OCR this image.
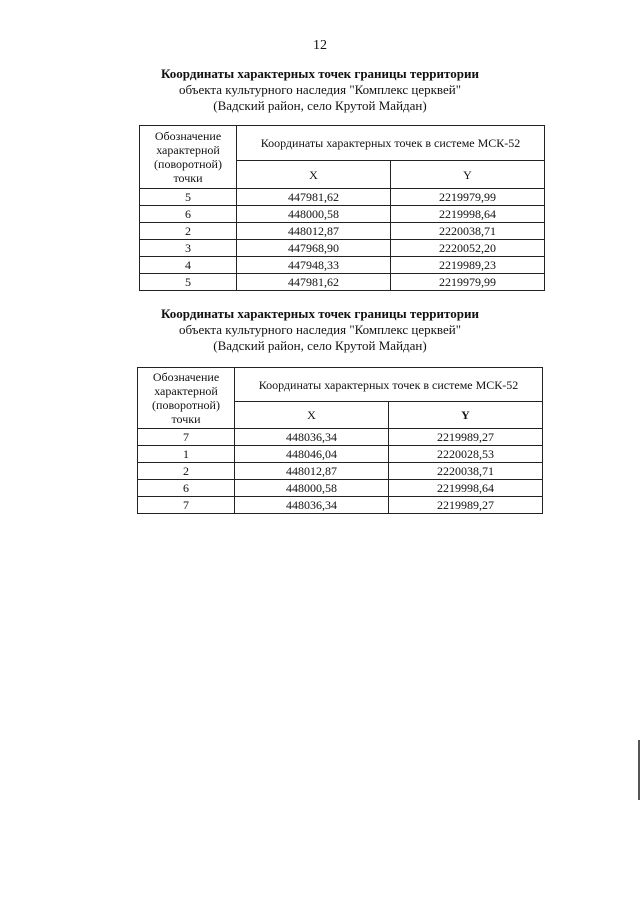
12
Координаты характерных точек границы территории
объекта культурного наследия "Комплекс церквей"
(Вадский район, село Крутой Майдан)
Обозначение
характерной
(поворотной)
точки	Координаты характерных точек в системе МСК-52	
	X	Y
5	447981,62	2219979,99
6	448000,58	2219998,64
2	448012,87	2220038,71
3	447968,90	2220052,20
4	447948,33	2219989,23
5	447981,62	2219979,99
Координаты характерных точек границы территории
объекта культурного наследия "Комплекс церквей"
(Вадский район, село Крутой Майдан)
Обозначение
характерной
(поворотной)
точки	Координаты характерных точек в системе МСК-52	
	X	Y
7	448036,34	2219989,27
1	448046,04	2220028,53
2	448012,87	2220038,71
6	448000,58	2219998,64
7	448036,34	2219989,27
